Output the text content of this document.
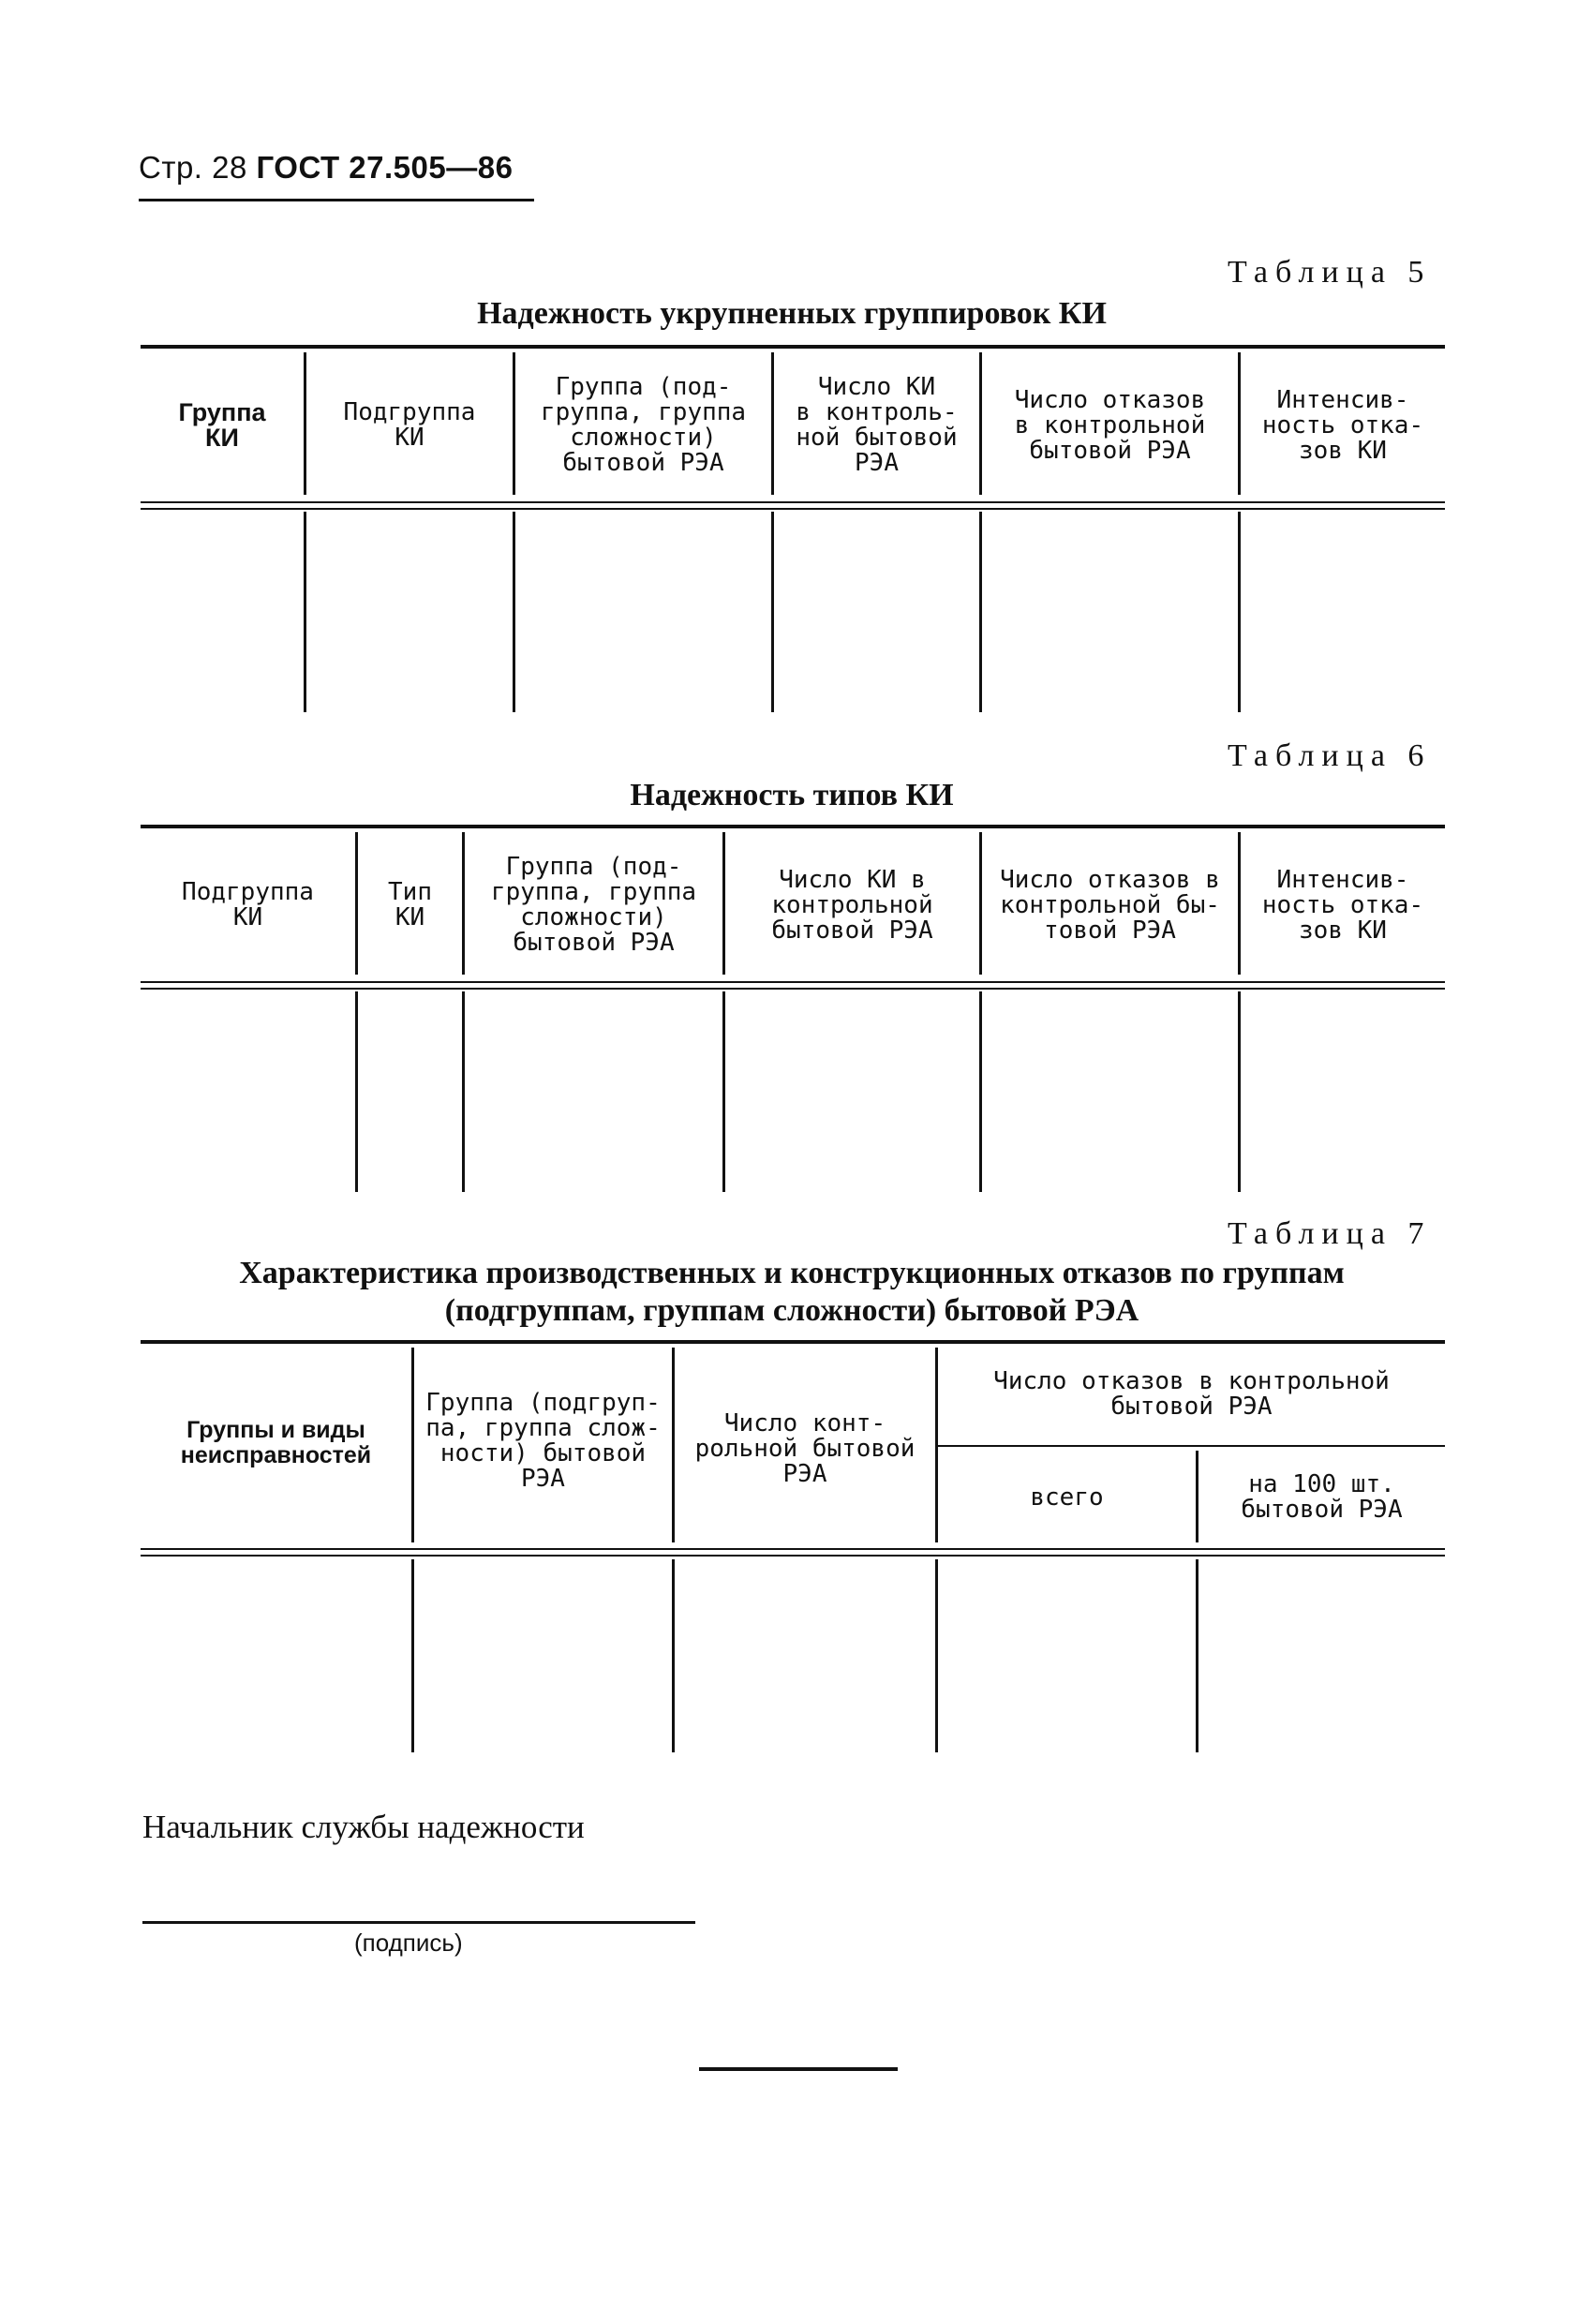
Стр. 28 ГОСТ 27.505—86
Таблица 5
Надежность укрупненных группировок КИ
Группа
КИ
Подгруппа
КИ
Группа (под-
группа, группа
сложности)
бытовой РЭА
Число КИ
в контроль-
ной бытовой
РЭА
Число отказов
в контрольной
бытовой РЭА
Интенсив-
ность отка-
зов КИ
Таблица 6
Надежность типов КИ
Подгруппа
КИ
Тип
КИ
Группа (под-
группа, группа
сложности)
бытовой РЭА
Число КИ в
контрольной
бытовой РЭА
Число отказов в
контрольной бы-
товой РЭА
Интенсив-
ность отка-
зов КИ
Таблица 7
Характеристика производственных и конструкционных отказов по группам
(подгруппам, группам сложности) бытовой РЭА
Группы и виды
неисправностей
Группа (подгруп-
па, группа слож-
ности) бытовой
РЭА
Число конт-
рольной бытовой
РЭА
Число отказов в контрольной
бытовой РЭА
всего	на 100 шт.
бытовой РЭА
Начальник службы надежности
(подпись)
